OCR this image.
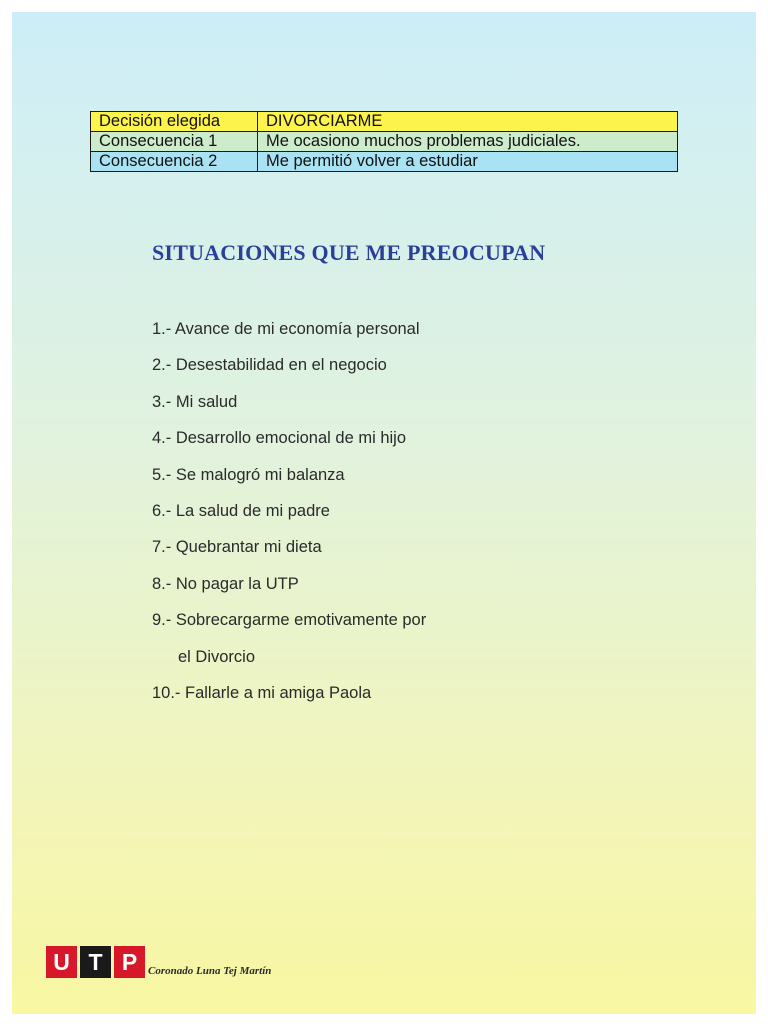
Decisión elegida	DIVORCIARME
Consecuencia 1	Me ocasiono muchos problemas judiciales.
Consecuencia 2	Me permitió volver a estudiar
SITUACIONES QUE ME PREOCUPAN
1.- Avance de mi economía personal
2.- Desestabilidad en el negocio
3.- Mi salud
4.- Desarrollo emocional de mi hijo
5.- Se malogró mi balanza
6.- La salud de mi padre
7.- Quebrantar mi dieta
8.- No pagar la UTP
9.- Sobrecargarme emotivamente por
el Divorcio
10.- Fallarle a mi amiga Paola
U T P Coronado Luna Tej Martín
